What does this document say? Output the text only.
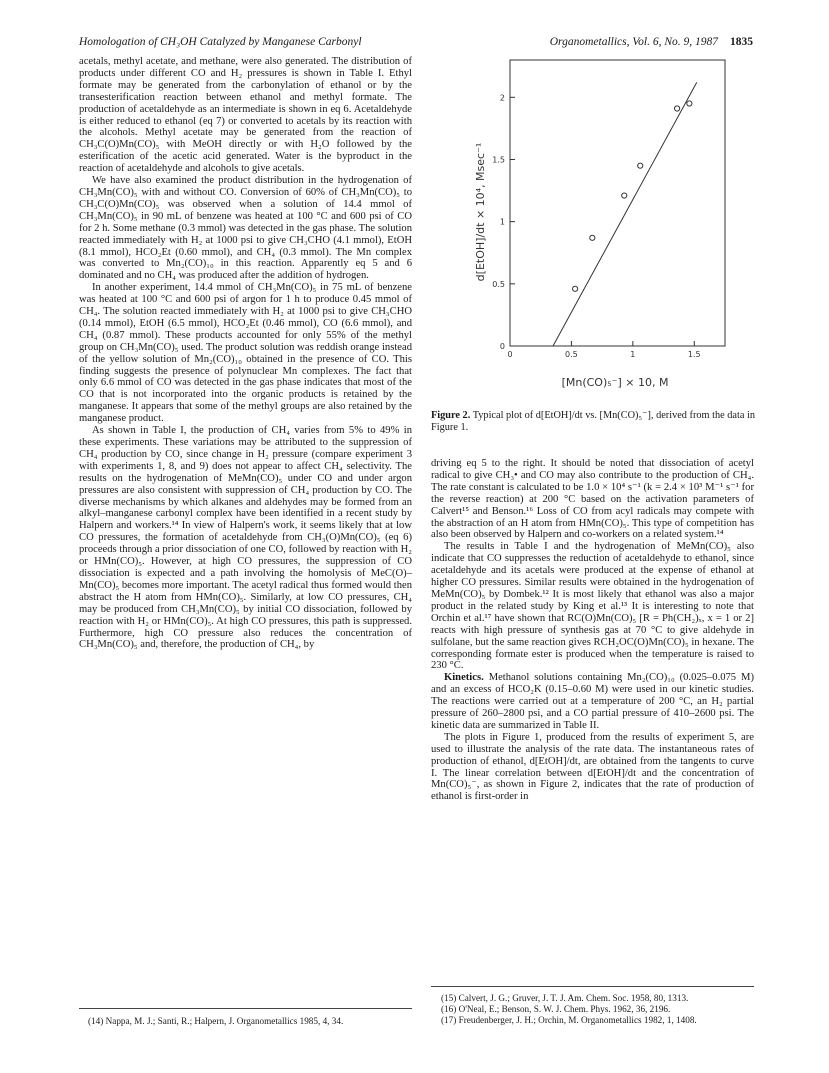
Homologation of CH₃OH Catalyzed by Manganese Carbonyl	Organometallics, Vol. 6, No. 9, 1987 1835

acetals, methyl acetate, and methane, were also generated. The distribution of products under different CO and H₂ pressures is shown in Table I. Ethyl formate may be generated from the carbonylation of ethanol or by the transesterification reaction between ethanol and methyl formate. The production of acetaldehyde as an intermediate is shown in eq 6. Acetaldehyde is either reduced to ethanol (eq 7) or converted to acetals by its reaction with the alcohols. Methyl acetate may be generated from the reaction of CH₃C(O)Mn(CO)₅ with MeOH directly or with H₂O followed by the esterification of the acetic acid generated. Water is the byproduct in the reaction of acetaldehyde and alcohols to give acetals.

We have also examined the product distribution in the hydrogenation of CH₃Mn(CO)₅ with and without CO. Conversion of 60% of CH₃Mn(CO)₅ to CH₃C(O)Mn(CO)₅ was observed when a solution of 14.4 mmol of CH₃Mn(CO)₅ in 90 mL of benzene was heated at 100 °C and 600 psi of CO for 2 h. Some methane (0.3 mmol) was detected in the gas phase. The solution reacted immediately with H₂ at 1000 psi to give CH₃CHO (4.1 mmol), EtOH (8.1 mmol), HCO₂Et (0.60 mmol), and CH₄ (0.3 mmol). The Mn complex was converted to Mn₂(CO)₁₀ in this reaction. Apparently eq 5 and 6 dominated and no CH₄ was produced after the addition of hydrogen.

In another experiment, 14.4 mmol of CH₃Mn(CO)₅ in 75 mL of benzene was heated at 100 °C and 600 psi of argon for 1 h to produce 0.45 mmol of CH₄. The solution reacted immediately with H₂ at 1000 psi to give CH₃CHO (0.14 mmol), EtOH (6.5 mmol), HCO₂Et (0.46 mmol), CO (6.6 mmol), and CH₄ (0.87 mmol). These products accounted for only 55% of the methyl group on CH₃Mn(CO)₅ used. The product solution was reddish orange instead of the yellow solution of Mn₂(CO)₁₀ obtained in the presence of CO. This finding suggests the presence of polynuclear Mn complexes. The fact that only 6.6 mmol of CO was detected in the gas phase indicates that most of the CO that is not incorporated into the organic products is retained by the manganese. It appears that some of the methyl groups are also retained by the manganese product.

As shown in Table I, the production of CH₄ varies from 5% to 49% in these experiments. These variations may be attributed to the suppression of CH₄ production by CO, since change in H₂ pressure (compare experiment 3 with experiments 1, 8, and 9) does not appear to affect CH₄ selectivity. The results on the hydrogenation of MeMn(CO)₅ under CO and under argon pressures are also consistent with suppression of CH₄ production by CO. The diverse mechanisms by which alkanes and aldehydes may be formed from an alkyl–manganese carbonyl complex have been identified in a recent study by Halpern and workers.¹⁴ In view of Halpern's work, it seems likely that at low CO pressures, the formation of acetaldehyde from CH₃(O)Mn(CO)₅ (eq 6) proceeds through a prior dissociation of one CO, followed by reaction with H₂ or HMn(CO)₅. However, at high CO pressures, the suppression of CO dissociation is expected and a path involving the homolysis of MeC(O)–Mn(CO)₅ becomes more important. The acetyl radical thus formed would then abstract the H atom from HMn(CO)₅. Similarly, at low CO pressures, CH₄ may be produced from CH₃Mn(CO)₅ by initial CO dissociation, followed by reaction with H₂ or HMn(CO)₅. At high CO pressures, this path is suppressed. Furthermore, high CO pressure also reduces the concentration of CH₃Mn(CO)₅ and, therefore, the production of CH₄, by

0
0.5
1
1.5
2
0	0.5	1	1.5
d[EtOH]/dt × 10⁴, Msec⁻¹
[Mn(CO)₅⁻] × 10, M
Figure 2. Typical plot of d[EtOH]/dt vs. [Mn(CO)₅⁻], derived from the data in Figure 1.

driving eq 5 to the right. It should be noted that dissociation of acetyl radical to give CH₃• and CO may also contribute to the production of CH₄. The rate constant is calculated to be 1.0 × 10⁴ s⁻¹ (k = 2.4 × 10³ M⁻¹ s⁻¹ for the reverse reaction) at 200 °C based on the activation parameters of Calvert¹⁵ and Benson.¹⁶ Loss of CO from acyl radicals may compete with the abstraction of an H atom from HMn(CO)₅. This type of competition has also been observed by Halpern and co-workers on a related system.¹⁴

The results in Table I and the hydrogenation of MeMn(CO)₅ also indicate that CO suppresses the reduction of acetaldehyde to ethanol, since acetaldehyde and its acetals were produced at the expense of ethanol at higher CO pressures. Similar results were obtained in the hydrogenation of MeMn(CO)₅ by Dombek.¹² It is most likely that ethanol was also a major product in the related study by King et al.¹³ It is interesting to note that Orchin et al.¹⁷ have shown that RC(O)Mn(CO)₅ [R = Ph(CH₂)ₓ, x = 1 or 2] reacts with high pressure of synthesis gas at 70 °C to give aldehyde in sulfolane, but the same reaction gives RCH₂OC(O)Mn(CO)₅ in hexane. The corresponding formate ester is produced when the temperature is raised to 230 °C.

Kinetics. Methanol solutions containing Mn₂(CO)₁₀ (0.025–0.075 M) and an excess of HCO₂K (0.15–0.60 M) were used in our kinetic studies. The reactions were carried out at a temperature of 200 °C, an H₂ partial pressure of 260–2800 psi, and a CO partial pressure of 410–2600 psi. The kinetic data are summarized in Table II.

The plots in Figure 1, produced from the results of experiment 5, are used to illustrate the analysis of the rate data. The instantaneous rates of production of ethanol, d[EtOH]/dt, are obtained from the tangents to curve I. The linear correlation between d[EtOH]/dt and the concentration of Mn(CO)₅⁻, as shown in Figure 2, indicates that the rate of production of ethanol is first-order in

(14) Nappa, M. J.; Santi, R.; Halpern, J. Organometallics 1985, 4, 34.
(15) Calvert, J. G.; Gruver, J. T. J. Am. Chem. Soc. 1958, 80, 1313.
(16) O'Neal, E.; Benson, S. W. J. Chem. Phys. 1962, 36, 2196.
(17) Freudenberger, J. H.; Orchin, M. Organometallics 1982, 1, 1408.
